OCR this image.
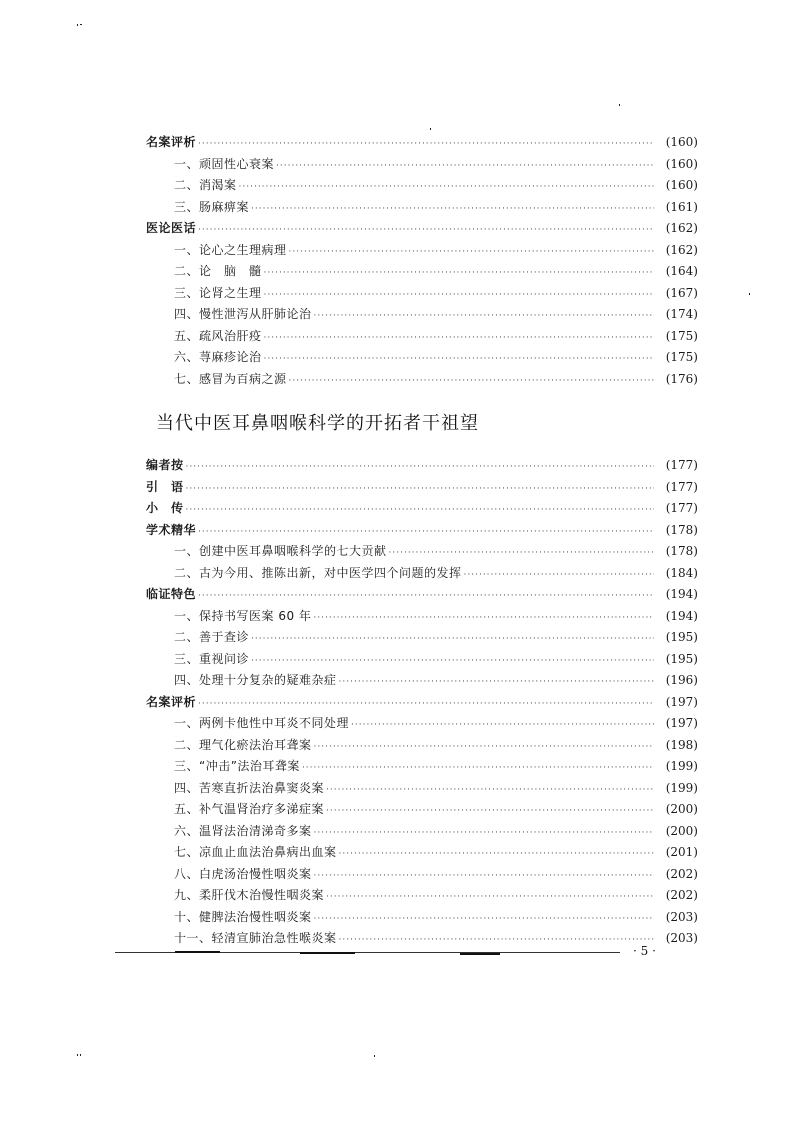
名案评析 ·····	(160)
一、顽固性心衰案 ·····	(160)
二、消渴案 ·····	(160)
三、肠麻痹案 ·····	(161)
医论医话 ·····	(162)
一、论心之生理病理 ·····	(162)
二、论　脑　髓 ·····	(164)
三、论肾之生理 ·····	(167)
四、慢性泄泻从肝肺论治 ·····	(174)
五、疏风治肝疫 ·····	(175)
六、荨麻疹论治 ·····	(175)
七、感冒为百病之源 ·····	(176)
当代中医耳鼻咽喉科学的开拓者干祖望
编者按 ·····	(177)
引　语 ·····	(177)
小　传 ·····	(177)
学术精华 ·····	(178)
一、创建中医耳鼻咽喉科学的七大贡献 ·····	(178)
二、古为今用、推陈出新，对中医学四个问题的发挥 ·····	(184)
临证特色 ·····	(194)
一、保持书写医案 60 年 ·····	(194)
二、善于查诊 ·····	(195)
三、重视问诊 ·····	(195)
四、处理十分复杂的疑难杂症 ·····	(196)
名案评析 ·····	(197)
一、两例卡他性中耳炎不同处理 ·····	(197)
二、理气化瘀法治耳聋案 ·····	(198)
三、“冲击”法治耳聋案 ·····	(199)
四、苦寒直折法治鼻窦炎案 ·····	(199)
五、补气温肾治疗多涕症案 ·····	(200)
六、温肾法治清涕奇多案 ·····	(200)
七、凉血止血法治鼻病出血案 ·····	(201)
八、白虎汤治慢性咽炎案 ·····	(202)
九、柔肝伐木治慢性咽炎案 ·····	(202)
十、健脾法治慢性咽炎案 ·····	(203)
十一、轻清宣肺治急性喉炎案 ·····	(203)
· 5 ·
